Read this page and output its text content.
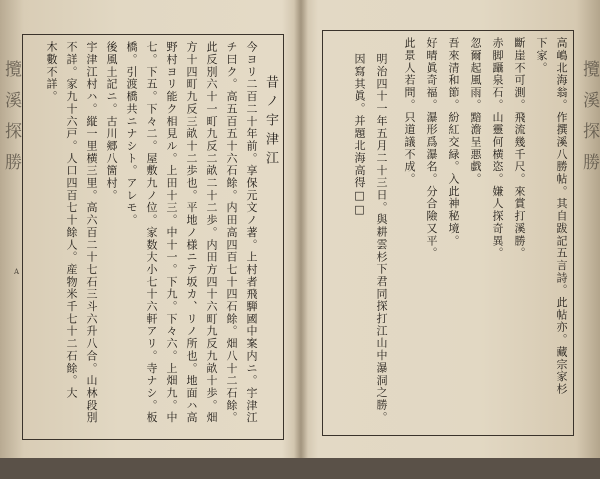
攬溪探勝	攬溪探勝
A
昔ノ宇津江
今ヨリ二百二十年前。享保元文ノ著。上村者飛騨國中案内ニ。宇津江
チ曰ク。高五百五十六石餘。内田高四百七十四石餘。畑八十二石餘。
此反別六十一町九反二畝二十二歩。内田方四十六町九反九畝十歩。畑
方十四町九反三畝十二歩也。平地ノ様ニテ坂カ、リノ所也。地面ハ高
野村ヨリ能ク相見ル。上田十三。中十一。下九。下々六。上畑九。中
七。下五。下々二。屋敷九ノ位。家数大小七十六軒アリ。寺ナシ。板
橋。引渡橋共ニナシト。アレモ。
後風土記ニ。古川郷八箇村。
宇津江村ハ。縦一里横三里。高六百二十七石三斗六升八合。山林段別
不詳。家九十六戸。人口四百七十餘人。産物米千七十二石餘。大
木數不詳。	高嶋北海翁。作撰溪八勝帖。其自跋記五言詩。此帖亦。藏宗家杉
下家。
斷崖不可測。飛流幾千尺。來賞打溪勝。
赤脚躡泉石。山靈何横恣。嫌人探奇異。
忽爾起風雨。黯澹呈悪戯。
吾來清和節。紛紅交緑。入此神秘境。
好晴眞奇福。瀑形爲瀑名。分合險又平。
此景人若問。只道議不成。
明治四十一年五月二十三日。與耕雲杉下君同探打江山中瀑洞之勝。
因寫其眞。并題北海高得□□
